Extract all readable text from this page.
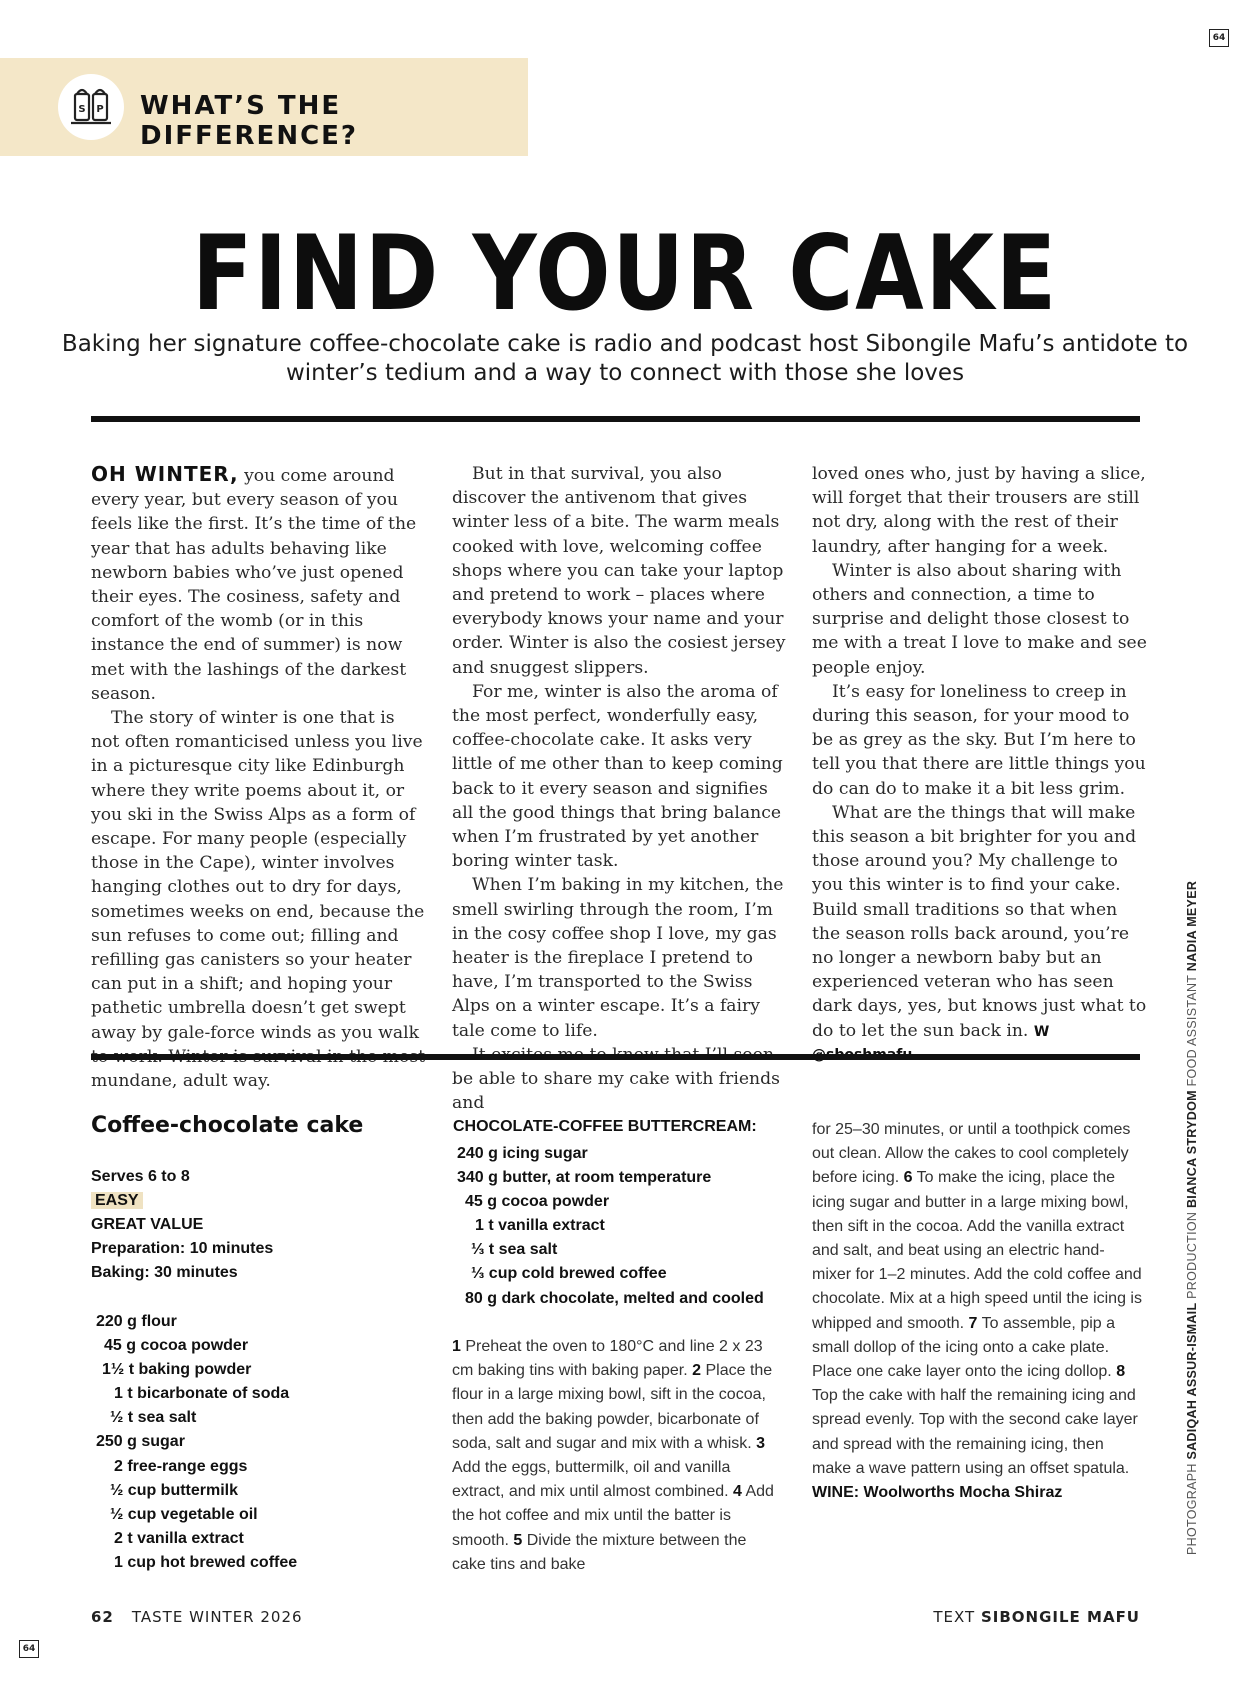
64
S P WHAT’S THE DIFFERENCE?
FIND YOUR CAKE
Baking her signature coffee-chocolate cake is radio and podcast host Sibongile Mafu’s antidote to winter’s tedium and a way to connect with those she loves

OH WINTER, you come around every year, but every season of you feels like the first. It’s the time of the year that has adults behaving like newborn babies who’ve just opened their eyes. The cosiness, safety and comfort of the womb (or in this instance the end of summer) is now met with the lashings of the darkest season.

The story of winter is one that is not often romanticised unless you live in a picturesque city like Edinburgh where they write poems about it, or you ski in the Swiss Alps as a form of escape. For many people (especially those in the Cape), winter involves hanging clothes out to dry for days, sometimes weeks on end, because the sun refuses to come out; filling and refilling gas canisters so your heater can put in a shift; and hoping your pathetic umbrella doesn’t get swept away by gale-force winds as you walk mundane, adult way.

But in that survival, you also discover the antivenom that gives winter less of a bite. The warm meals cooked with love, welcoming coffee shops where you can take your laptop and pretend to work – places where everybody knows your name and your order. Winter is also the cosiest jersey and snuggest slippers.

For me, winter is also the aroma of the most perfect, wonderfully easy, coffee-chocolate cake. It asks very little of me other than to keep coming back to it every season and signifies all the good things that bring balance when I’m frustrated by yet another boring winter task.

When I’m baking in my kitchen, the smell swirling through the room, I’m in the cosy coffee shop I love, my gas heater is the fireplace I pretend to have, I’m transported to the Swiss Alps on a winter escape. It’s a fairy tale come to life.

be able to share my cake with friends and

loved ones who, just by having a slice, will forget that their trousers are still not dry, along with the rest of their laundry, after hanging for a week.

Winter is also about sharing with others and connection, a time to surprise and delight those closest to me with a treat I love to make and see people enjoy.

It’s easy for loneliness to creep in during this season, for your mood to be as grey as the sky. But I’m here to tell you that there are little things you do can do to make it a bit less grim.

What are the things that will make this season a bit brighter for you and those around you? My challenge to you this winter is to find your cake. Build small traditions so that when the season rolls back around, you’re no longer a newborn baby but an experienced veteran who has seen dark days, yes, but knows just what to do to let the sun back in. W

Coffee-chocolate cake
Serves 6 to 8
EASY
GREAT VALUE
Preparation: 10 minutes
Baking: 30 minutes
220 g flour
45 g cocoa powder
1½ t baking powder
1 t bicarbonate of soda
½ t sea salt
250 g sugar
2 free-range eggs
½ cup buttermilk
½ cup vegetable oil
2 t vanilla extract
1 cup hot brewed coffee
CHOCOLATE-COFFEE BUTTERCREAM:
240 g icing sugar
340 g butter, at room temperature
45 g cocoa powder
1 t vanilla extract
⅓ t sea salt
⅓ cup cold brewed coffee
80 g dark chocolate, melted and cooled
1 Preheat the oven to 180°C and line 2 x 23 cm baking tins with baking paper. 2 Place the flour in a large mixing bowl, sift in the cocoa, then add the baking powder, bicarbonate of soda, salt and sugar and mix with a whisk. 3 Add the eggs, buttermilk, oil and vanilla extract, and mix until almost combined. 4 Add the hot coffee and mix until the batter is smooth. 5 Divide the mixture between the cake tins and bake
for 25–30 minutes, or until a toothpick comes out clean. Allow the cakes to cool completely before icing. 6 To make the icing, place the icing sugar and butter in a large mixing bowl, then sift in the cocoa. Add the vanilla extract and salt, and beat using an electric hand-mixer for 1–2 minutes. Add the cold coffee and chocolate. Mix at a high speed until the icing is whipped and smooth. 7 To assemble, pip a small dollop of the icing onto a cake plate. Place one cake layer onto the icing dollop. 8 Top the cake with half the remaining icing and spread evenly. Top with the second cake layer and spread with the remaining icing, then make a wave pattern using an offset spatula.
WINE: Woolworths Mocha Shiraz
62 TASTE WINTER 2026	TEXT SIBONGILE MAFU
64
PHOTOGRAPH SADIQAH ASSUR-ISMAIL PRODUCTION BIANCA STRYDOM FOOD ASSISTANT NADIA MEYER
